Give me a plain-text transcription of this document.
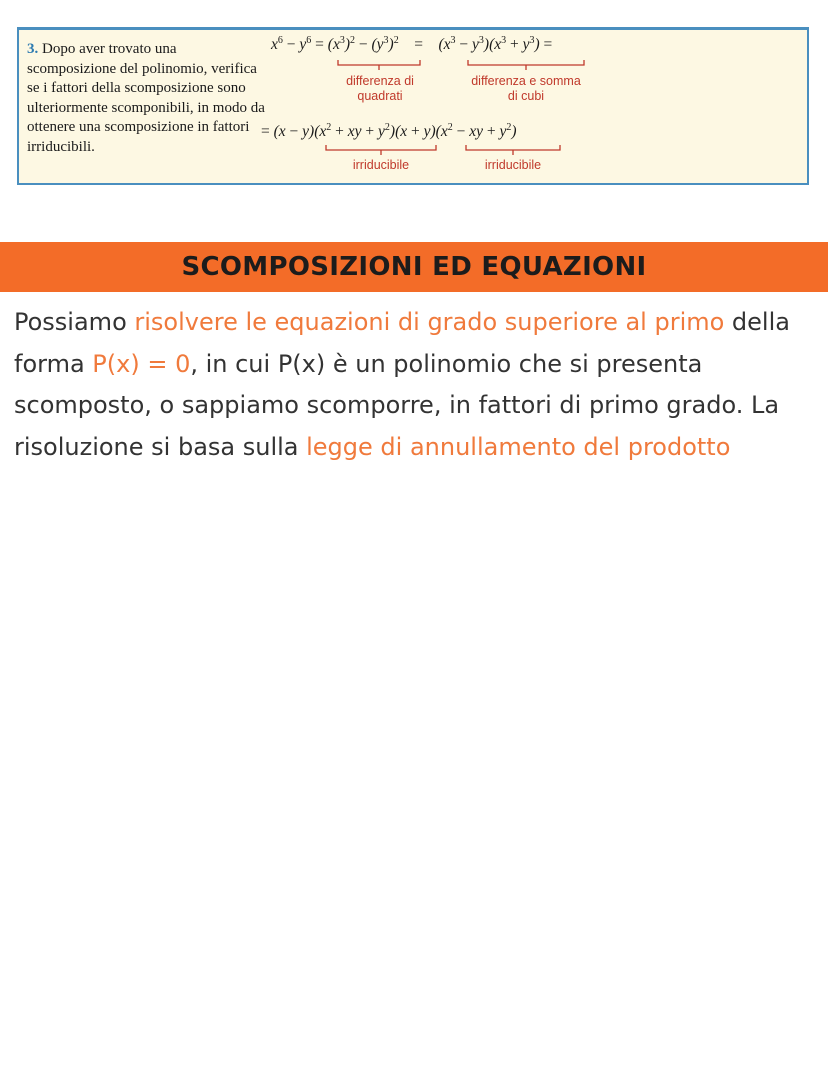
3. Dopo aver trovato una scomposizione del polinomio, verifica se i fattori della scomposizione sono ulteriormente scomponibili, in modo da ottenere una scomposizione in fattori irriducibili.
$x^6 - y^6 = (x^3)^2 - (y^3)^2$ =    $(x^3 - y^3)(x^3 + y^3)$ =
differenza di quadrati
differenza e somma di cubi
= $(x - y)(x^2$ + xy + $y^2)(x + y)(x^2$ − xy + $y^2$)
irriducibile	irriducibile
SCOMPOSIZIONI ED EQUAZIONI

Possiamo risolvere le equazioni di grado superiore al primo della forma P(x) = 0, in cui P(x) è un polinomio che si presenta scomposto, o sappiamo scomporre, in fattori di primo grado. La risoluzione si basa sulla legge di annullamento del prodotto
